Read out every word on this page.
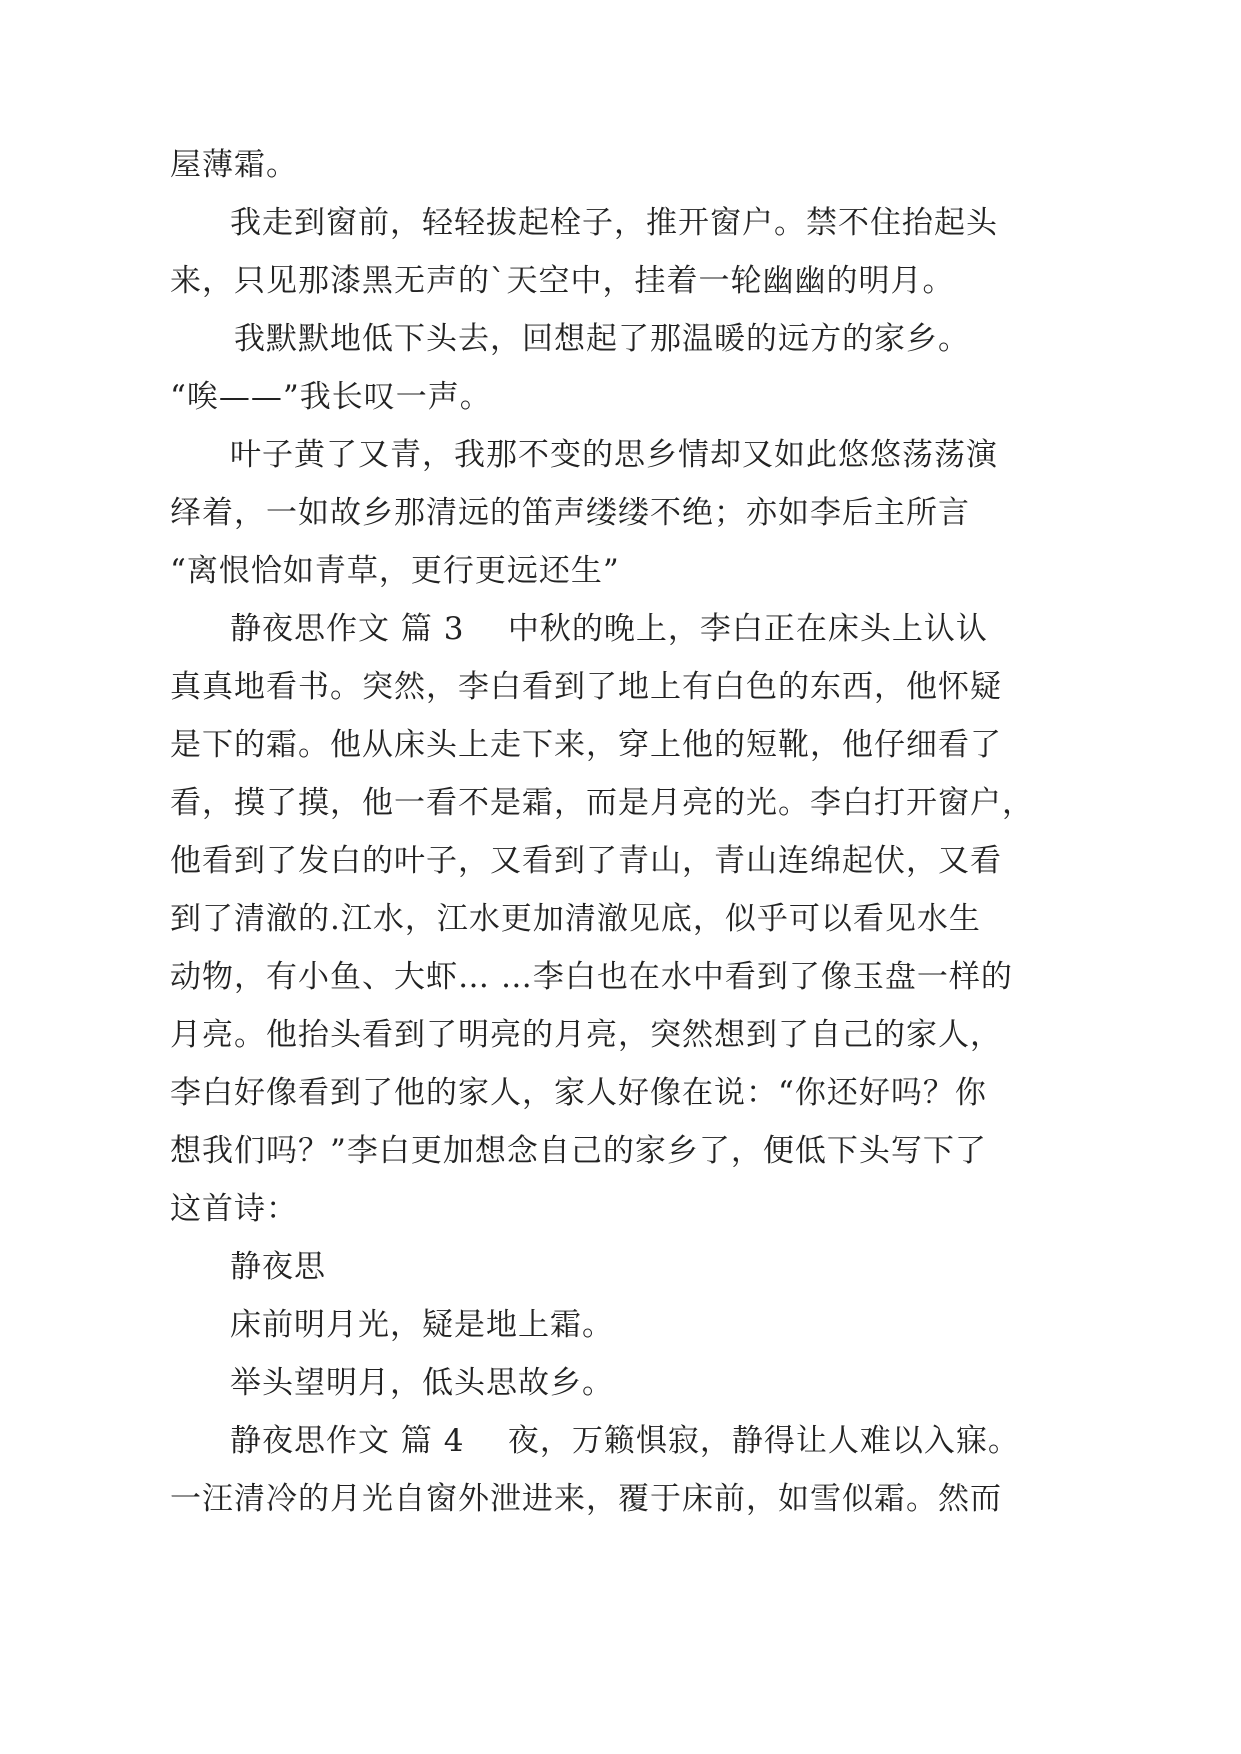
屋薄霜。
我走到窗前，轻轻拔起栓子，推开窗户。禁不住抬起头
来，只见那漆黑无声的`天空中，挂着一轮幽幽的明月。
我默默地低下头去，回想起了那温暖的远方的家乡。
“唉——”我长叹一声。
叶子黄了又青，我那不变的思乡情却又如此悠悠荡荡演
绎着，一如故乡那清远的笛声缕缕不绝；亦如李后主所言
“离恨恰如青草，更行更远还生”
静夜思作文 篇 3    中秋的晚上，李白正在床头上认认
真真地看书。突然，李白看到了地上有白色的东西，他怀疑
是下的霜。他从床头上走下来，穿上他的短靴，他仔细看了
看，摸了摸，他一看不是霜，而是月亮的光。李白打开窗户，
他看到了发白的叶子，又看到了青山，青山连绵起伏，又看
到了清澈的.江水，江水更加清澈见底，似乎可以看见水生
动物，有小鱼、大虾… …李白也在水中看到了像玉盘一样的
月亮。他抬头看到了明亮的月亮，突然想到了自己的家人，
李白好像看到了他的家人，家人好像在说：“你还好吗？你
想我们吗？”李白更加想念自己的家乡了，便低下头写下了
这首诗：
静夜思
床前明月光，疑是地上霜。
举头望明月，低头思故乡。
静夜思作文 篇 4    夜，万籁惧寂，静得让人难以入寐。
一汪清冷的月光自窗外泄进来，覆于床前，如雪似霜。然而
